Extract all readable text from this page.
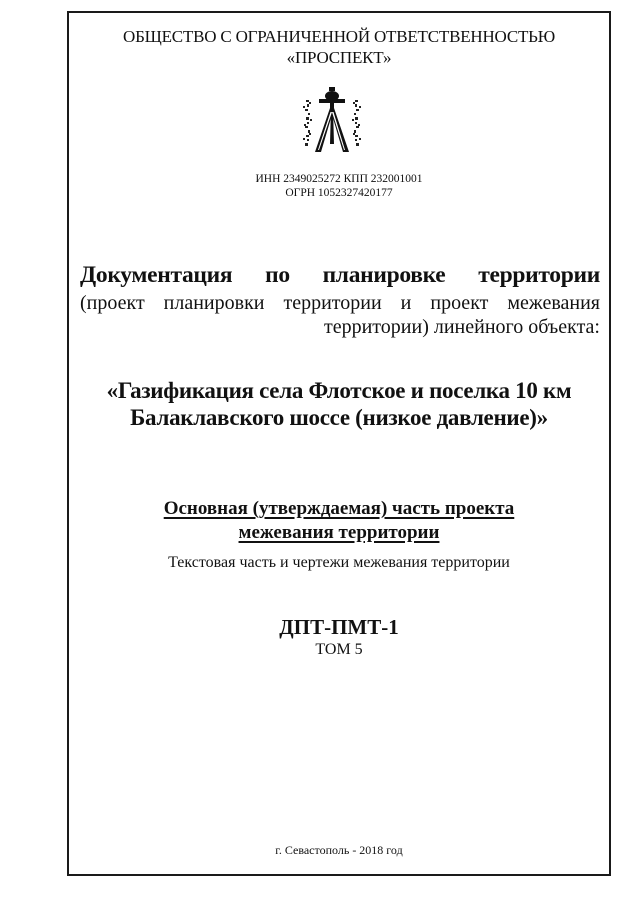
ОБЩЕСТВО С ОГРАНИЧЕННОЙ ОТВЕТСТВЕННОСТЬЮ
«ПРОСПЕКТ»
ИНН 2349025272 КПП 232001001
ОГРН 1052327420177
Документация по планировке территории
(проект планировки территории и проект межевания
территории) линейного объекта:
«Газификация села Флотское и поселка 10 км
Балаклавского шоссе (низкое давление)»
Основная (утверждаемая) часть проекта
межевания территории
Текстовая часть и чертежи межевания территории
ДПТ-ПМТ-1
ТОМ 5
г. Севастополь - 2018 год
